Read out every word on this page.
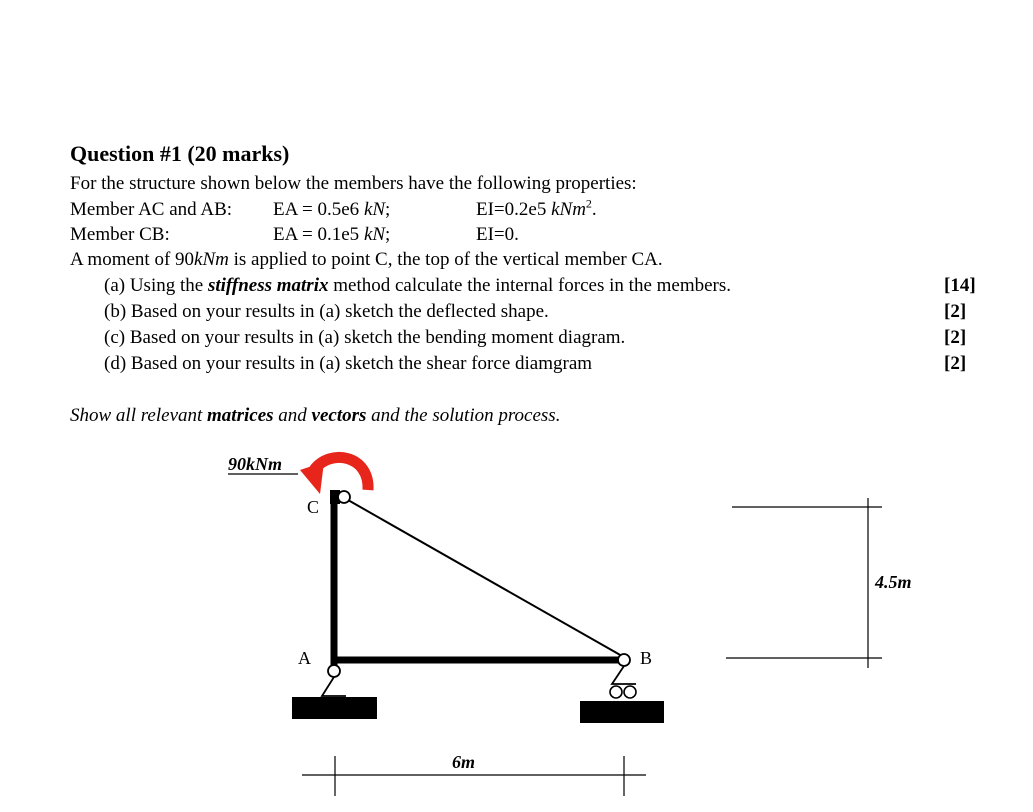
Question #1 (20 marks)
For the structure shown below the members have the following properties:
Member AC and AB: EA = 0.5e6 kN;	EI=0.2e5 kNm$^2$.
Member CB:	EA = 0.1e5 kN;	EI=0.
A moment of 90kNm is applied to point C, the top of the vertical member CA.
(a) Using the stiffness matrix method calculate the internal forces in the members.	[14]
(b) Based on your results in (a) sketch the deflected shape.	[2]
(c) Based on your results in (a) sketch the bending moment diagram.	[2]
(d) Based on your results in (a) sketch the shear force diamgram	[2]
Show all relevant matrices and vectors and the solution process.
90kNm
C
A	B
4.5m
6m
